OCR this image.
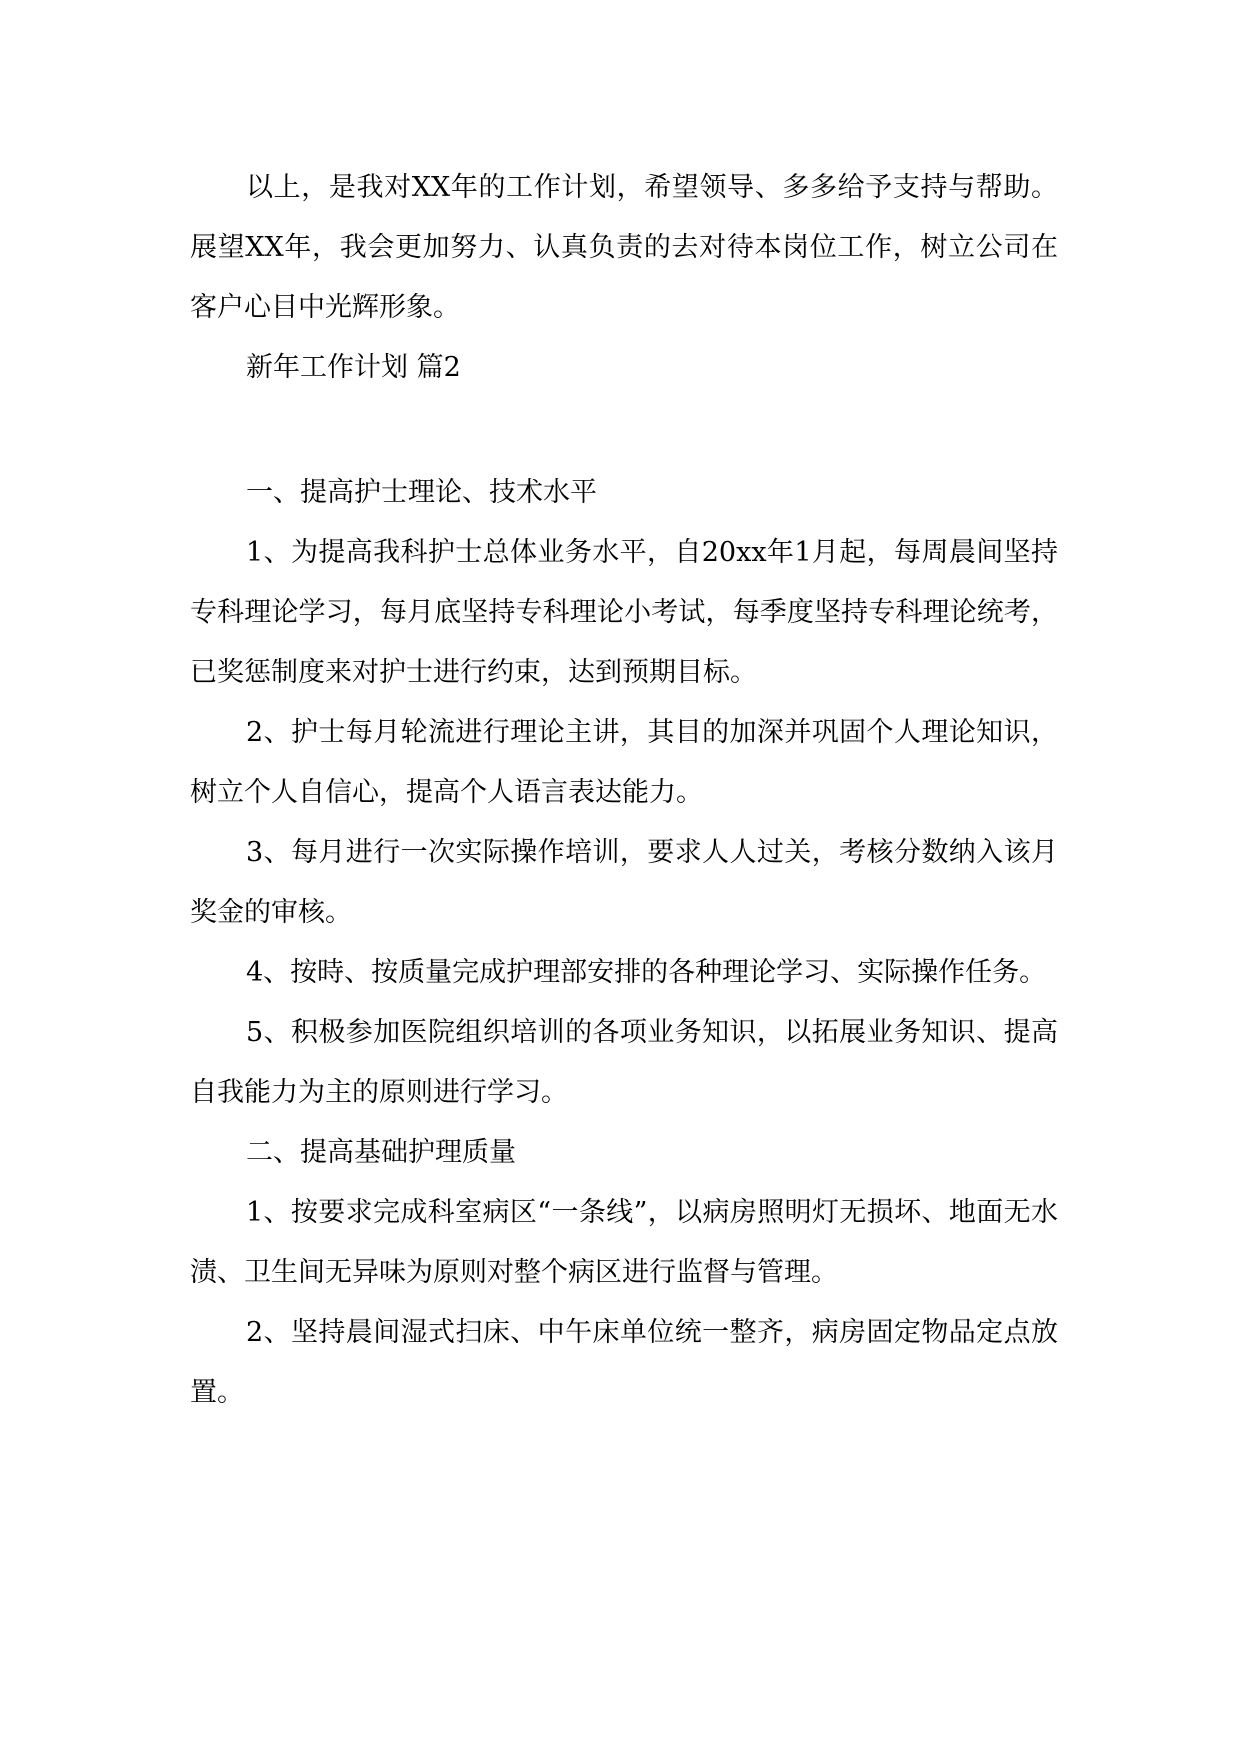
以上，是我对XX年的工作计划，希望领导、多多给予支持与帮助。展望XX年，我会更加努力、认真负责的去对待本岗位工作，树立公司在客户心目中光辉形象。

新年工作计划 篇2

一、提高护士理论、技术水平

1、为提高我科护士总体业务水平，自20xx年1月起，每周晨间坚持专科理论学习，每月底坚持专科理论小考试，每季度坚持专科理论统考，已奖惩制度来对护士进行约束，达到预期目标。

2、护士每月轮流进行理论主讲，其目的加深并巩固个人理论知识，树立个人自信心，提高个人语言表达能力。

3、每月进行一次实际操作培训，要求人人过关，考核分数纳入该月奖金的审核。

4、按時、按质量完成护理部安排的各种理论学习、实际操作任务。

5、积极参加医院组织培训的各项业务知识，以拓展业务知识、提高自我能力为主的原则进行学习。

二、提高基础护理质量

1、按要求完成科室病区“一条线”，以病房照明灯无损坏、地面无水渍、卫生间无异味为原则对整个病区进行监督与管理。

2、坚持晨间湿式扫床、中午床单位统一整齐，病房固定物品定点放置。
